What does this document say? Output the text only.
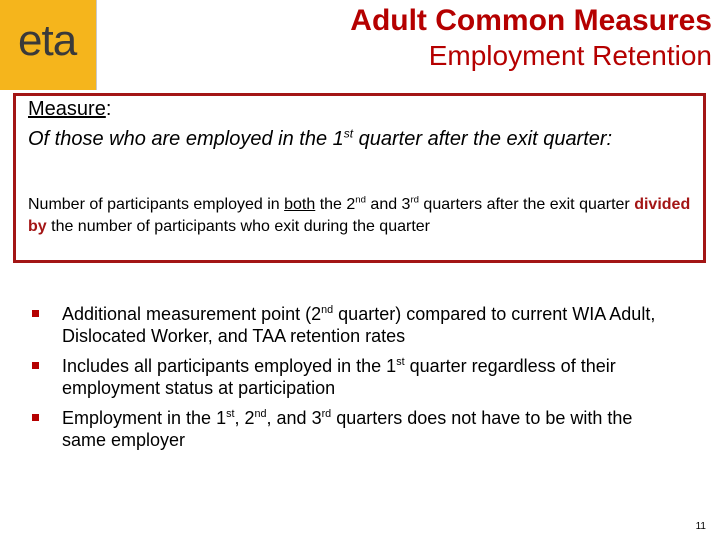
eta	Adult Common Measures
Employment Retention
Measure:
Of those who are employed in the 1st quarter after the exit quarter:
Number of participants employed in both the 2nd and 3rd quarters after the exit quarter divided by the number of participants who exit during the quarter
Additional measurement point (2nd quarter) compared to current WIA Adult, Dislocated Worker, and TAA retention rates
Includes all participants employed in the 1st quarter regardless of their employment status at participation
Employment in the 1st, 2nd, and 3rd quarters does not have to be with the same employer
11
